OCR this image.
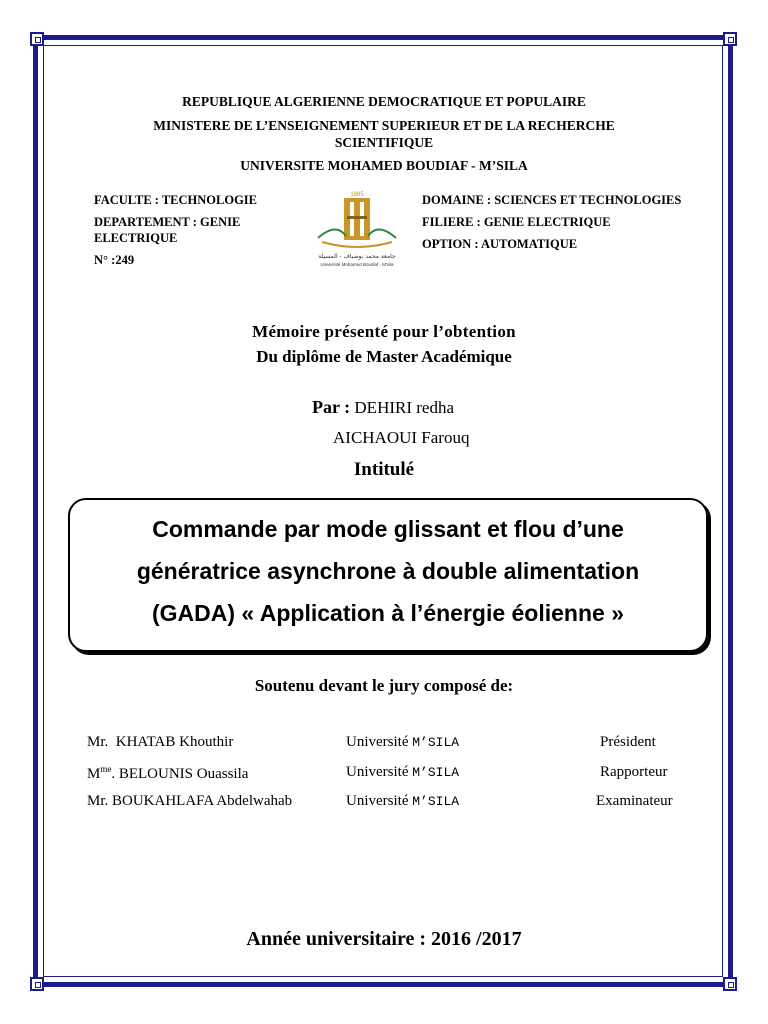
REPUBLIQUE ALGERIENNE DEMOCRATIQUE ET POPULAIRE
MINISTERE DE L’ENSEIGNEMENT SUPERIEUR ET DE LA RECHERCHE
SCIENTIFIQUE
UNIVERSITE MOHAMED BOUDIAF - M’SILA
FACULTE : TECHNOLOGIE
DEPARTEMENT : GENIE
ELECTRIQUE
N° :249
1985
جامعة محمد بوضياف - المسيلة
Université Mohamed Boudiaf - M'sila
DOMAINE : SCIENCES ET TECHNOLOGIES
FILIERE : GENIE ELECTRIQUE
OPTION : AUTOMATIQUE
Mémoire présenté pour l’obtention
Du diplôme de Master Académique
Par : DEHIRI redha
AICHAOUI Farouq
Intitulé
Commande par mode glissant et flou d’une
génératrice asynchrone à double alimentation
(GADA) « Application à l’énergie éolienne »
Soutenu devant le jury composé de:
Mr. KHATAB Khouthir	Université M’SILA	Président
$M^{me}$. BELOUNIS Ouassila	Université M’SILA	Rapporteur
Mr. BOUKAHLAFA Abdelwahab	Université M’SILA	Examinateur
Année universitaire : 2016 /2017
